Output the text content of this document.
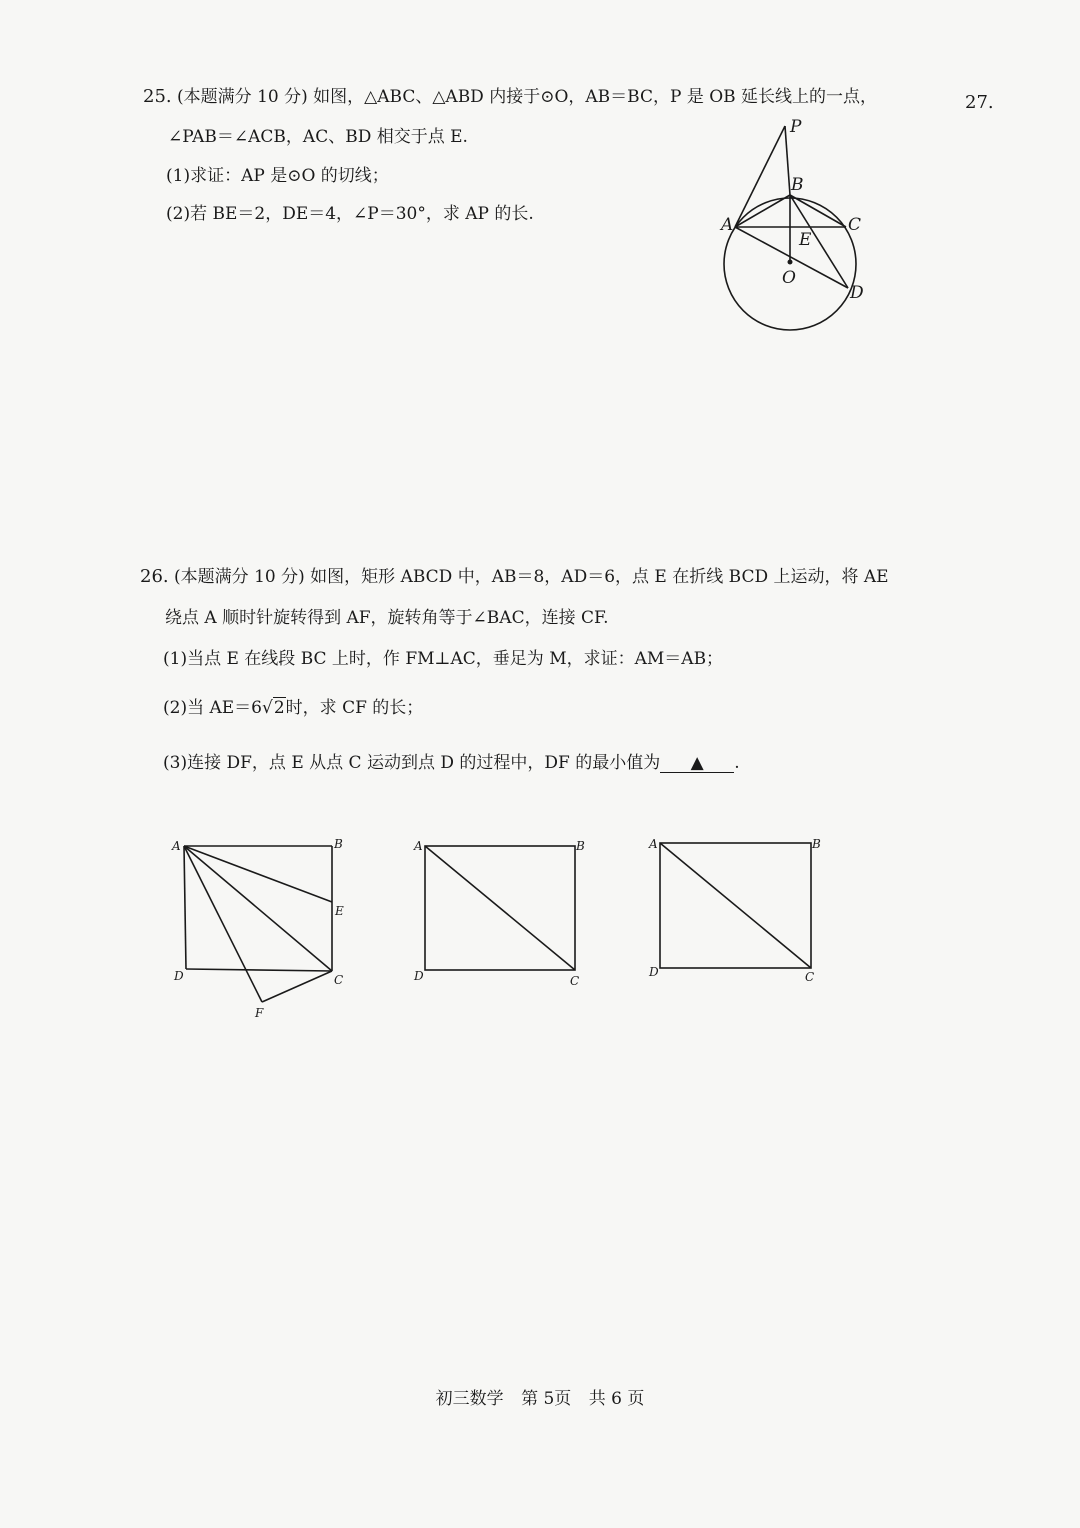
25. (本题满分 10 分) 如图，△ABC、△ABD 内接于⊙O，AB＝BC，P 是 OB 延长线上的一点，
∠PAB＝∠ACB，AC、BD 相交于点 E.
(1)求证：AP 是⊙O 的切线；
(2)若 BE＝2，DE＝4，∠P＝30°，求 AP 的长.
27.
P
B
A	C
E
O
D
26. (本题满分 10 分) 如图，矩形 ABCD 中，AB＝8，AD＝6，点 E 在折线 BCD 上运动，将 AE
绕点 A 顺时针旋转得到 AF，旋转角等于∠BAC，连接 CF.
(1)当点 E 在线段 BC 上时，作 FM⊥AC，垂足为 M，求证：AM＝AB；
(2)当 AE＝6√2时，求 CF 的长；
(3)连接 DF，点 E 从点 C 运动到点 D 的过程中，DF 的最小值为 ▲ .
A	B
E
D	C
F
A	B
D	C
A	B
D	C
初三数学 第 5页 共 6 页
